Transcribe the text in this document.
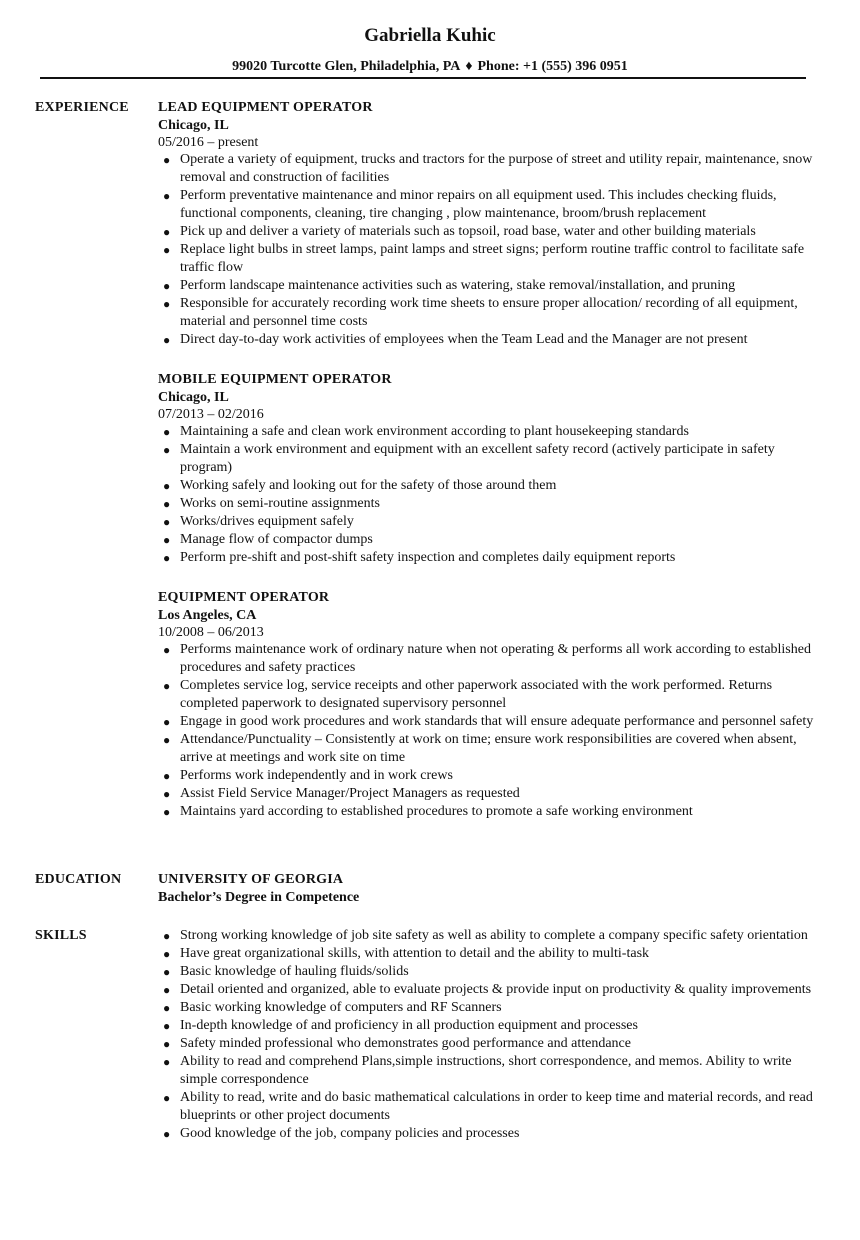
Gabriella Kuhic
99020 Turcotte Glen, Philadelphia, PA ♦ Phone: +1 (555) 396 0951
EXPERIENCE LEAD EQUIPMENT OPERATOR
Chicago, IL
05/2016 – present
● Operate a variety of equipment, trucks and tractors for the purpose of street and utility repair, maintenance, snow removal and construction of facilities
● Perform preventative maintenance and minor repairs on all equipment used. This includes checking fluids, functional components, cleaning, tire changing , plow maintenance, broom/brush replacement
● Pick up and deliver a variety of materials such as topsoil, road base, water and other building materials
● Replace light bulbs in street lamps, paint lamps and street signs; perform routine traffic control to facilitate safe traffic flow
● Perform landscape maintenance activities such as watering, stake removal/installation, and pruning
● Responsible for accurately recording work time sheets to ensure proper allocation/ recording of all equipment, material and personnel time costs
● Direct day-to-day work activities of employees when the Team Lead and the Manager are not present
MOBILE EQUIPMENT OPERATOR
Chicago, IL
07/2013 – 02/2016
● Maintaining a safe and clean work environment according to plant housekeeping standards
● Maintain a work environment and equipment with an excellent safety record (actively participate in safety program)
● Working safely and looking out for the safety of those around them
● Works on semi-routine assignments
● Works/drives equipment safely
● Manage flow of compactor dumps
● Perform pre-shift and post-shift safety inspection and completes daily equipment reports
EQUIPMENT OPERATOR
Los Angeles, CA
10/2008 – 06/2013
● Performs maintenance work of ordinary nature when not operating & performs all work according to established procedures and safety practices
● Completes service log, service receipts and other paperwork associated with the work performed. Returns completed paperwork to designated supervisory personnel
● Engage in good work procedures and work standards that will ensure adequate performance and personnel safety
● Attendance/Punctuality – Consistently at work on time; ensure work responsibilities are covered when absent, arrive at meetings and work site on time
● Performs work independently and in work crews
● Assist Field Service Manager/Project Managers as requested
● Maintains yard according to established procedures to promote a safe working environment
EDUCATION	UNIVERSITY OF GEORGIA
Bachelor’s Degree in Competence
SKILLS	● Strong working knowledge of job site safety as well as ability to complete a company specific safety orientation
● Have great organizational skills, with attention to detail and the ability to multi-task
● Basic knowledge of hauling fluids/solids
● Detail oriented and organized, able to evaluate projects & provide input on productivity & quality improvements
● Basic working knowledge of computers and RF Scanners
● In-depth knowledge of and proficiency in all production equipment and processes
● Safety minded professional who demonstrates good performance and attendance
● Ability to read and comprehend Plans,simple instructions, short correspondence, and memos. Ability to write simple correspondence
● Ability to read, write and do basic mathematical calculations in order to keep time and material records, and read blueprints or other project documents
● Good knowledge of the job, company policies and processes
